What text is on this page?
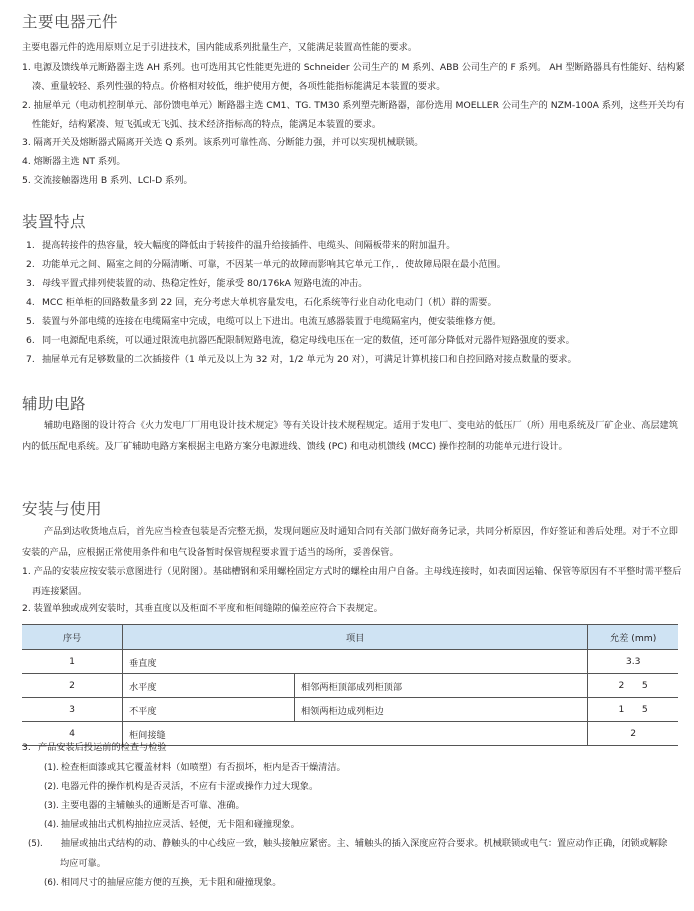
主要电器元件
主要电器元件的选用原则立足于引进技术，国内能成系列批量生产，又能满足装置高性能的要求。
1. 电源及馈线单元断路器主选 AH 系列。也可选用其它性能更先进的 Schneider 公司生产的 M 系列、ABB 公司生产的 F 系列。 AH 型断路器具有性能好、结构紧凑、重量较轻、系列性强的特点。价格相对较低，维护使用方便，各项性能指标能满足本装置的要求。
2. 抽屉单元（电动机控制单元、部份馈电单元）断路器主选 CM1、TG. TM30 系列塑壳断路器，部份选用 MOELLER 公司生产的 NZM-100A 系列，这些开关均有性能好，结构紧凑、短飞弧或无飞弧、技术经济指标高的特点，能满足本装置的要求。
3. 隔离开关及熔断器式隔离开关选 Q 系列。该系列可靠性高、分断能力强，并可以实现机械联锁。
4. 熔断器主选 NT 系列。
5. 交流接触器选用 B 系列、LCl-D 系列。
装置特点
1. 提高转接件的热容量，较大幅度的降低由于转接件的温升给接插件、电缆头、间隔板带来的附加温升。
2. 功能单元之间、隔室之间的分隔清晰、可靠，不因某一单元的故障而影响其它单元工作，．使故障局限在最小范围。
3. 母线平置式排列使装置的动、热稳定性好，能承受 80/176kA 短路电流的冲击。
4. MCC 柜单柜的回路数量多到 22 回，充分考虑大单机容量发电，石化系统等行业自动化电动门（机）群的需要。
5. 装置与外部电缆的连接在电缆隔室中完成，电缆可以上下进出。电流互感器装置于电缆隔室内，便安装维修方便。
6. 同一电源配电系统，可以通过限流电抗器匹配限制短路电流，稳定母线电压在一定的数值，还可部分降低对元器件短路强度的要求。
7. 抽屉单元有足够数量的二次插接件（1 单元及以上为 32 对，1/2 单元为 20 对），可满足计算机接口和自控回路对接点数量的要求。
辅助电路
辅助电路图的设计符合《火力发电厂厂用电设计技术规定》等有关设计技术规程规定。适用于发电厂、变电站的低压厂（所）用电系统及厂矿企业、高层建筑内的低压配电系统。及厂矿辅助电路方案根据主电路方案分电源进线、馈线 (PC) 和电动机馈线 (MCC) 操作控制的功能单元进行设计。
安装与使用
产品到达收货地点后，首先应当检查包装是否完整无损，发现问题应及时通知合同有关部门做好商务记录，共同分析原因，作好签证和善后处理。对于不立即安装的产品，应根据正常使用条件和电气设备暂时保管规程要求置于适当的场所，妥善保管。
1. 产品的安装应按安装示意图进行（见附图）。基础槽钢和采用螺栓固定方式时的螺栓由用户自备。主母线连接时，如表面因运输、保管等原因有不平整时需平整后再连接紧固。
2. 装置单独或成列安装时，其垂直度以及柜面不平度和柜间缝隙的偏差应符合下表规定。
序号	项目		允差 (mm)
1	垂直度		3.3
2	水平度	相邻两柜顶部成列柜顶部	2      5
3	不平度	相领两柜边成列柜边	1      5
4	柜间接缝		2
3. 产品安装后投运前的检查与检验
(1). 检查柜面漆或其它覆盖材料（如喷塑）有否损坏，柜内是否干燥清洁。
(2). 电器元件的操作机构是否灵活，不应有卡涩或操作力过大现象。
(3). 主要电器的主辅触头的通断是否可靠、准确。
(4). 抽屉或抽出式机构抽拉应灵活、轻便，无卡阻和碰撞现象。
(5). 抽屉或抽出式结构的动、静触头的中心线应一致，触头接触应紧密。主、辅触头的插入深度应符合要求。机械联锁或电气：置应动作正确，闭锁或解除均应可靠。
(6). 相同尺寸的抽屉应能方便的互换，无卡阻和碰撞现象。
